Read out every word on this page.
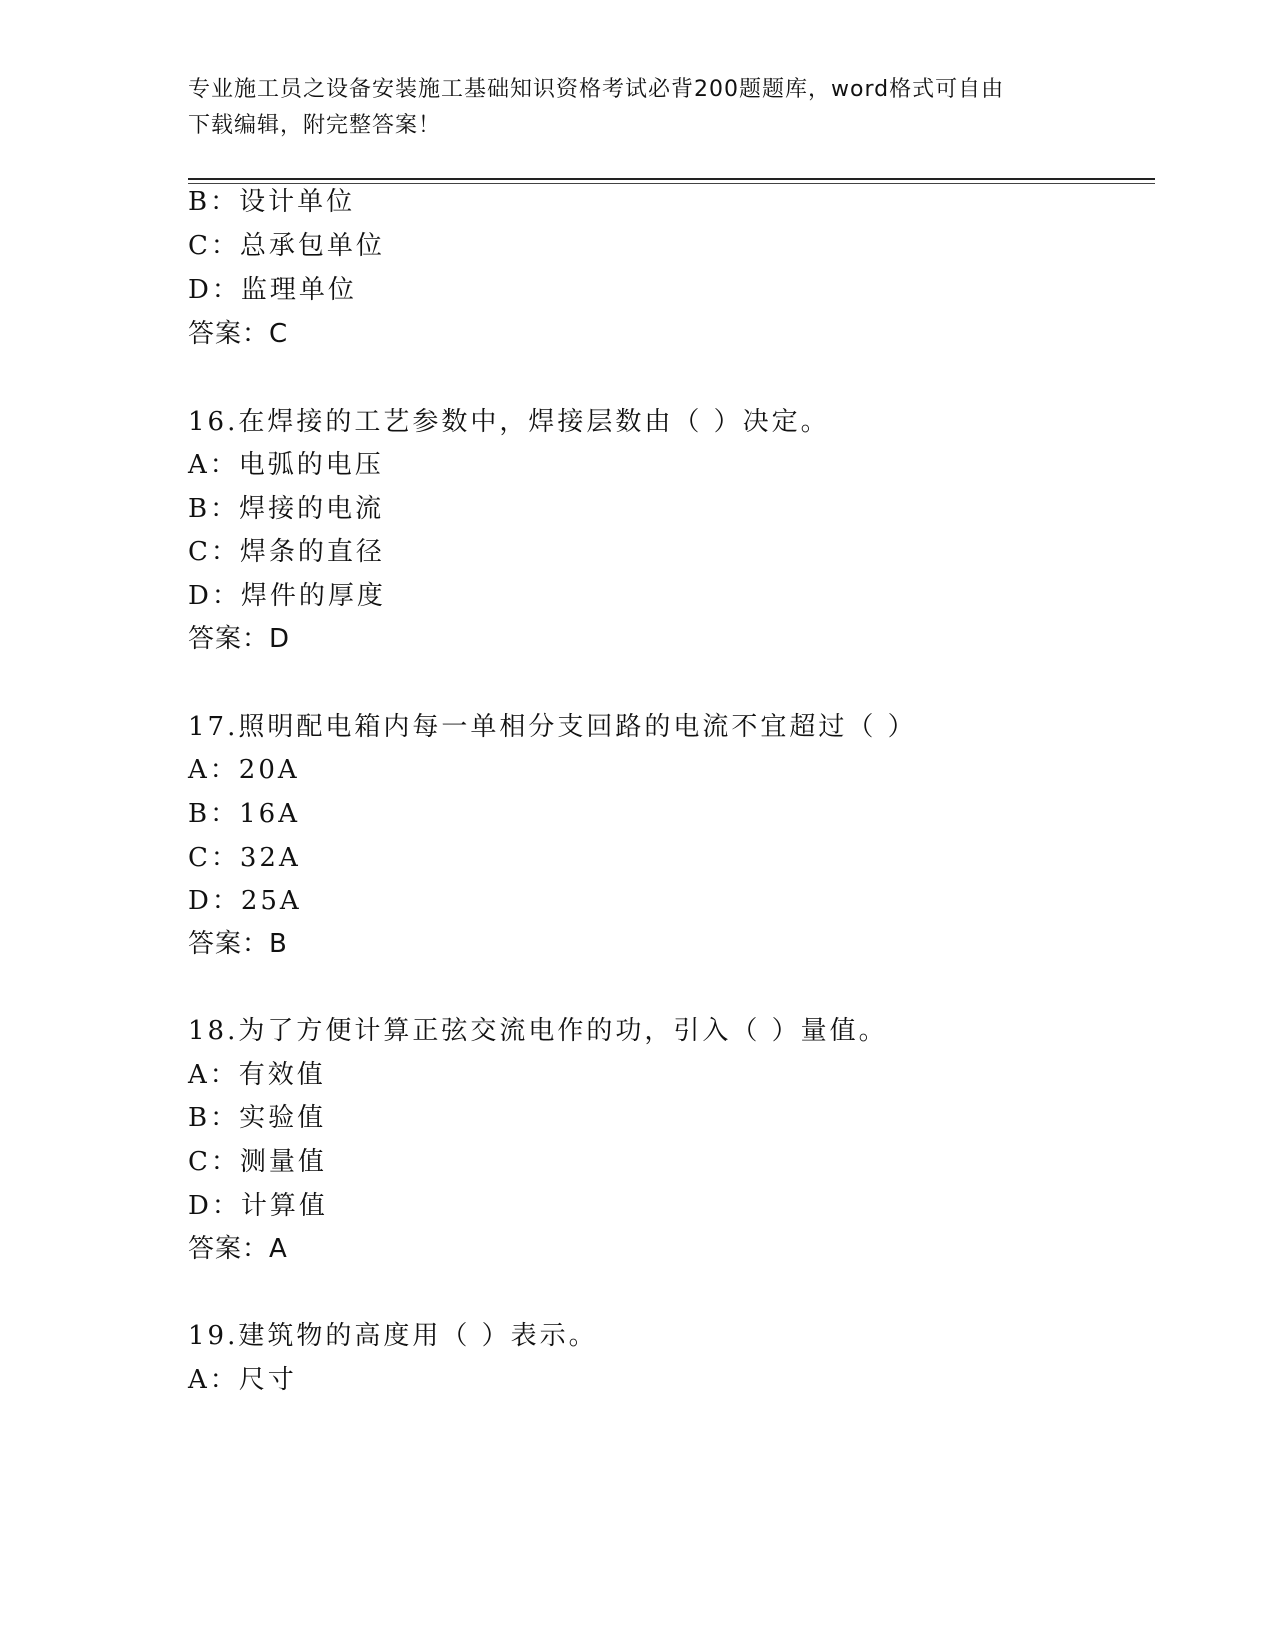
专业施工员之设备安装施工基础知识资格考试必背200题题库，word格式可自由
下载编辑，附完整答案！
B：设计单位
C：总承包单位
D：监理单位
答案：C
16.在焊接的工艺参数中，焊接层数由（ ）决定。
A：电弧的电压
B：焊接的电流
C：焊条的直径
D：焊件的厚度
答案：D
17.照明配电箱内每一单相分支回路的电流不宜超过（ ）
A：20A
B：16A
C：32A
D：25A
答案：B
18.为了方便计算正弦交流电作的功，引入（ ）量值。
A：有效值
B：实验值
C：测量值
D：计算值
答案：A
19.建筑物的高度用（ ）表示。
A：尺寸
